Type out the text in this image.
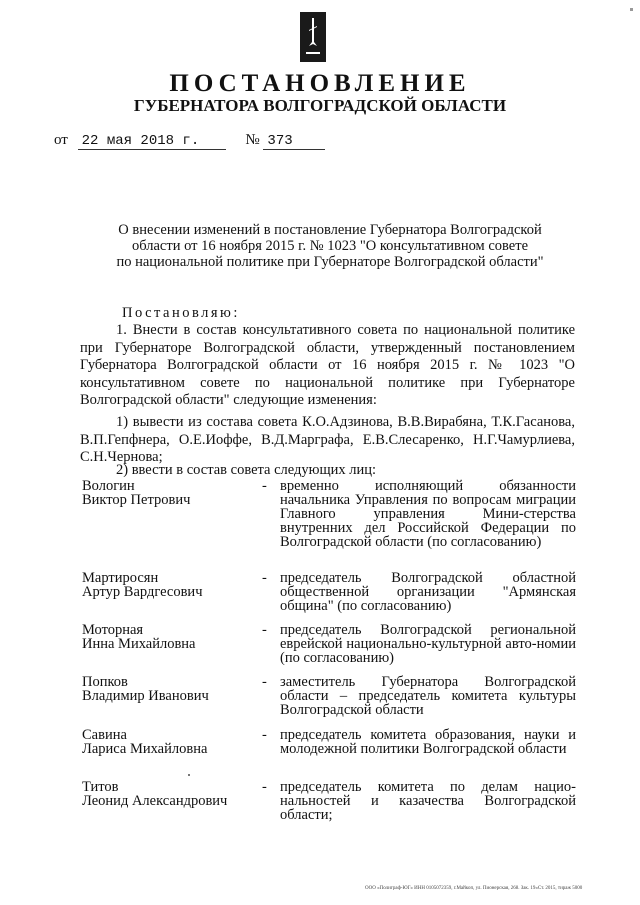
ПОСТАНОВЛЕНИЕ
ГУБЕРНАТОРА ВОЛГОГРАДСКОЙ ОБЛАСТИ
от 22 мая 2018 г.	№ 373
О внесении изменений в постановление Губернатора Волгоградской
области от 16 ноября 2015 г. № 1023 "О консультативном совете
по национальной политике при Губернаторе Волгоградской области"
Постановляю:
1. Внести в состав консультативного совета по национальной политике при Губернаторе Волгоградской области, утвержденный постановлением Губернатора Волгоградской области от 16 ноября 2015 г. № 1023 "О консультативном совете по национальной политике при Губернаторе Волгоградской области" следующие изменения:
1) вывести из состава совета К.О.Адзинова, В.В.Вирабяна, Т.К.Гасанова, В.П.Гепфнера, О.Е.Иоффе, В.Д.Марграфа, Е.В.Слесаренко, Н.Г.Чамурлиева, С.Н.Чернова;
2) ввести в состав совета следующих лиц:
Вологин
Виктор Петрович
- временно исполняющий обязанности начальника Управления по вопросам миграции Главного управления Мини-стерства внутренних дел Российской Федерации по Волгоградской области (по согласованию)
Мартиросян
Артур Вардгесович
- председатель Волгоградской областной общественной организации "Армянская община" (по согласованию)
Моторная
Инна Михайловна
- председатель Волгоградской региональной еврейской национально-культурной авто-номии (по согласованию)
Попков
Владимир Иванович
- заместитель Губернатора Волгоградской области – председатель комитета культуры Волгоградской области
Савина
Лариса Михайловна
- председатель комитета образования, науки и молодежной политики Волгоградской области
Титов
Леонид Александрович
- председатель комитета по делам нацио-нальностей и казачества Волгоградской области;
ООО «Полиграф-ЮГ» ИНН 0105072359, г.Майкоп, ул. Пионерская, 268. Зак. 19«Ст. 2015, тираж 5000
